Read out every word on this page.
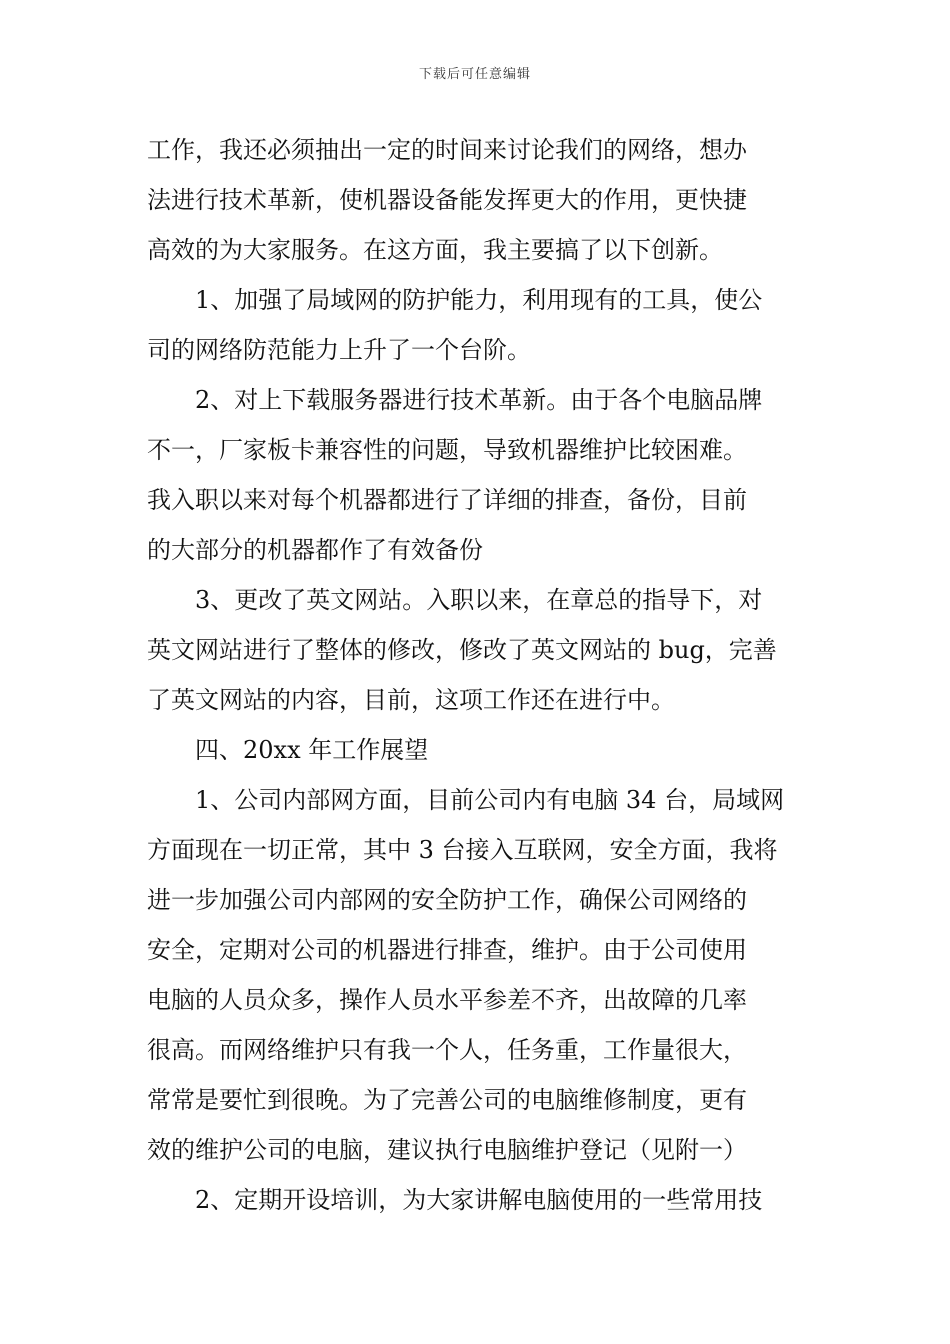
下载后可任意编辑

工作，我还必须抽出一定的时间来讨论我们的网络，想办

法进行技术革新，使机器设备能发挥更大的作用，更快捷

高效的为大家服务。在这方面，我主要搞了以下创新。

1、加强了局域网的防护能力，利用现有的工具，使公

司的网络防范能力上升了一个台阶。

2、对上下载服务器进行技术革新。由于各个电脑品牌

不一，厂家板卡兼容性的问题，导致机器维护比较困难。

我入职以来对每个机器都进行了详细的排查，备份，目前

的大部分的机器都作了有效备份

3、更改了英文网站。入职以来，在章总的指导下，对

英文网站进行了整体的修改，修改了英文网站的 bug，完善

了英文网站的内容，目前，这项工作还在进行中。

四、20xx 年工作展望

1、公司内部网方面，目前公司内有电脑 34 台，局域网

方面现在一切正常，其中 3 台接入互联网，安全方面，我将

进一步加强公司内部网的安全防护工作，确保公司网络的

安全，定期对公司的机器进行排查，维护。由于公司使用

电脑的人员众多，操作人员水平参差不齐，出故障的几率

很高。而网络维护只有我一个人，任务重，工作量很大，

常常是要忙到很晚。为了完善公司的电脑维修制度，更有

效的维护公司的电脑，建议执行电脑维护登记（见附一）

2、定期开设培训，为大家讲解电脑使用的一些常用技
